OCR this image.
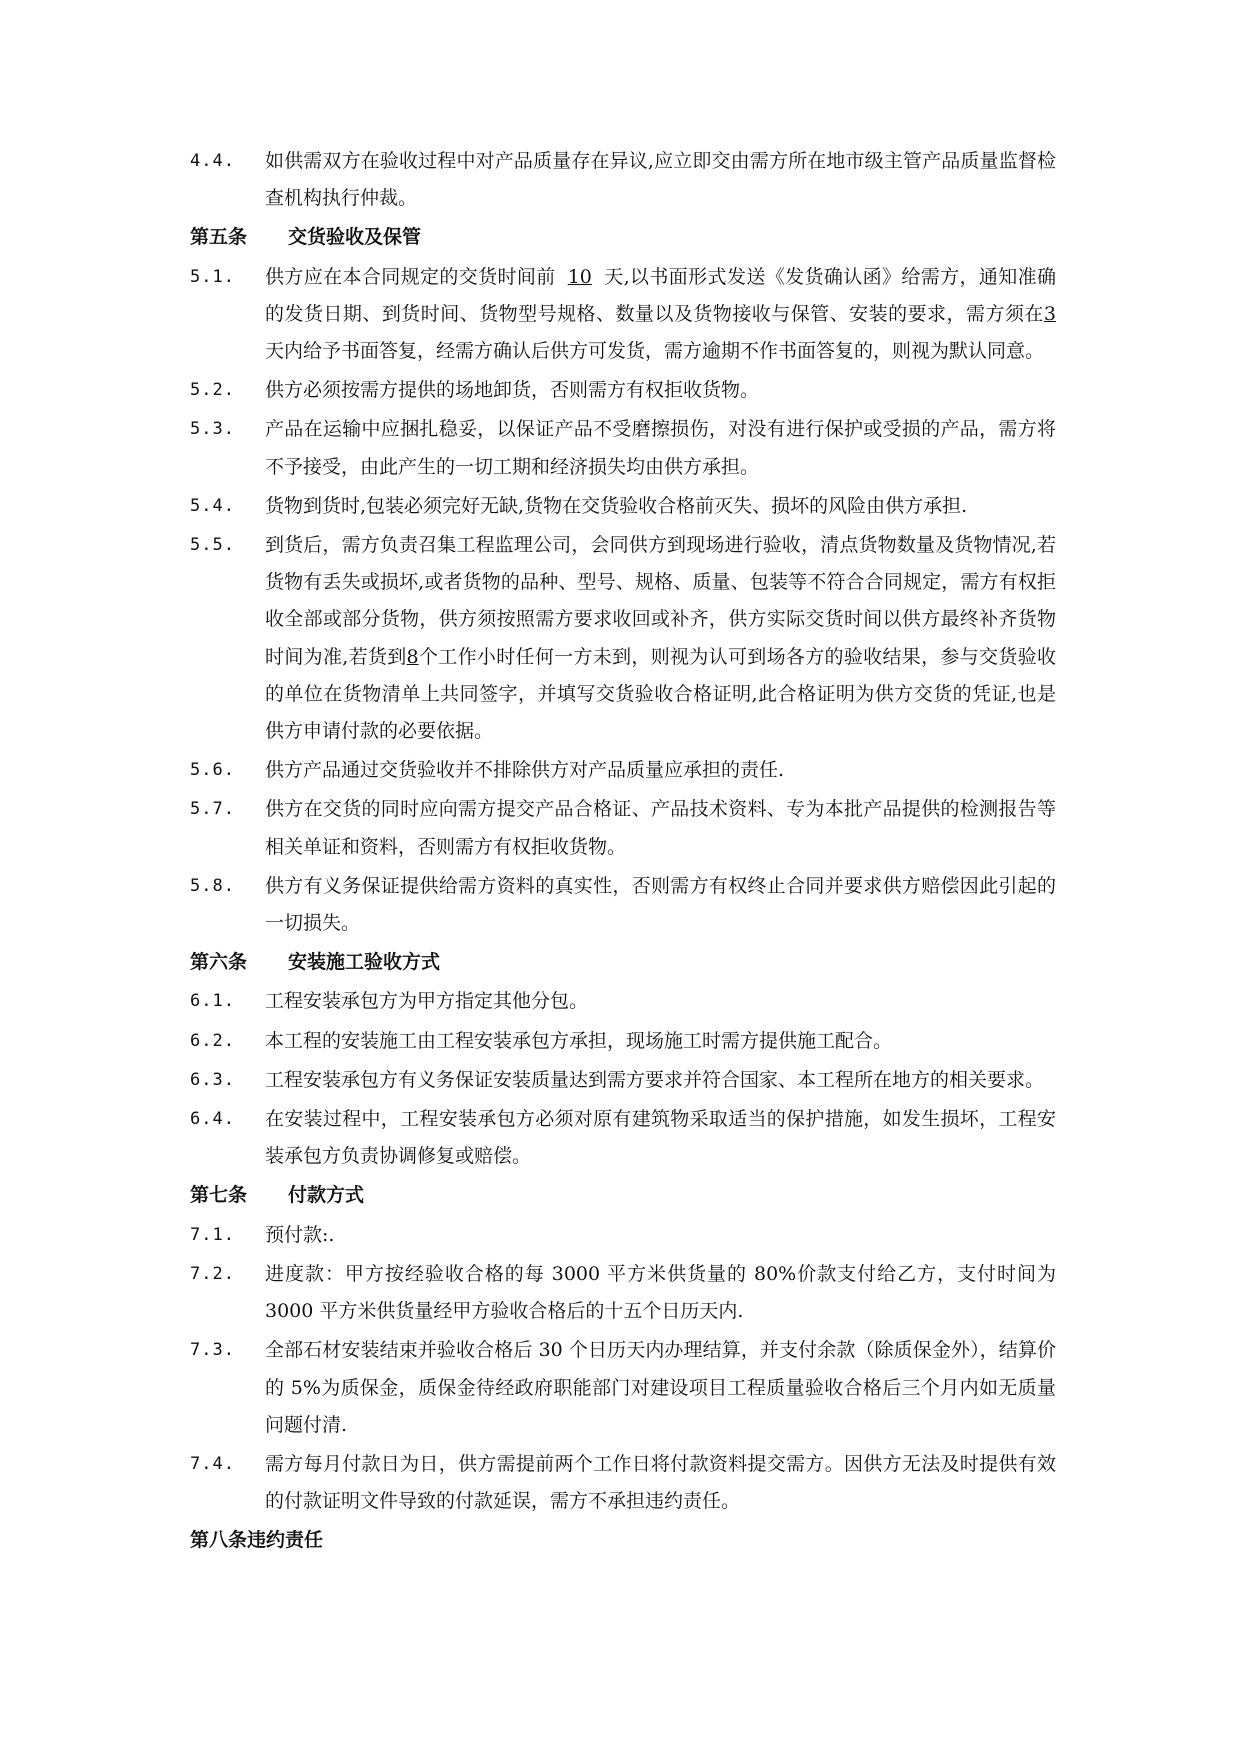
4.4. 如供需双方在验收过程中对产品质量存在异议,应立即交由需方所在地市级主管产品质量监督检查机构执行仲裁。
第五条 交货验收及保管
5.1. 供方应在本合同规定的交货时间前 10 天,以书面形式发送《发货确认函》给需方，通知准确的发货日期、到货时间、货物型号规格、数量以及货物接收与保管、安装的要求，需方须在3天内给予书面答复，经需方确认后供方可发货，需方逾期不作书面答复的，则视为默认同意。
5.2. 供方必须按需方提供的场地卸货，否则需方有权拒收货物。
5.3. 产品在运输中应捆扎稳妥，以保证产品不受磨擦损伤，对没有进行保护或受损的产品，需方将不予接受，由此产生的一切工期和经济损失均由供方承担。
5.4. 货物到货时,包装必须完好无缺,货物在交货验收合格前灭失、损坏的风险由供方承担.
5.5. 到货后，需方负责召集工程监理公司，会同供方到现场进行验收，清点货物数量及货物情况,若货物有丢失或损坏,或者货物的品种、型号、规格、质量、包装等不符合合同规定，需方有权拒收全部或部分货物，供方须按照需方要求收回或补齐，供方实际交货时间以供方最终补齐货物时间为准,若货到8个工作小时任何一方未到，则视为认可到场各方的验收结果，参与交货验收的单位在货物清单上共同签字，并填写交货验收合格证明,此合格证明为供方交货的凭证,也是供方申请付款的必要依据。
5.6. 供方产品通过交货验收并不排除供方对产品质量应承担的责任.
5.7. 供方在交货的同时应向需方提交产品合格证、产品技术资料、专为本批产品提供的检测报告等相关单证和资料，否则需方有权拒收货物。
5.8. 供方有义务保证提供给需方资料的真实性，否则需方有权终止合同并要求供方赔偿因此引起的一切损失。
第六条 安装施工验收方式
6.1. 工程安装承包方为甲方指定其他分包。
6.2. 本工程的安装施工由工程安装承包方承担，现场施工时需方提供施工配合。
6.3. 工程安装承包方有义务保证安装质量达到需方要求并符合国家、本工程所在地方的相关要求。
6.4. 在安装过程中，工程安装承包方必须对原有建筑物采取适当的保护措施，如发生损坏，工程安装承包方负责协调修复或赔偿。
第七条 付款方式
7.1. 预付款:.
7.2. 进度款：甲方按经验收合格的每 3000 平方米供货量的 80%价款支付给乙方，支付时间为 3000 平方米供货量经甲方验收合格后的十五个日历天内.
7.3. 全部石材安装结束并验收合格后 30 个日历天内办理结算，并支付余款（除质保金外），结算价的 5%为质保金，质保金待经政府职能部门对建设项目工程质量验收合格后三个月内如无质量问题付清.
7.4. 需方每月付款日为日，供方需提前两个工作日将付款资料提交需方。因供方无法及时提供有效的付款证明文件导致的付款延误，需方不承担违约责任。
第八条违约责任
